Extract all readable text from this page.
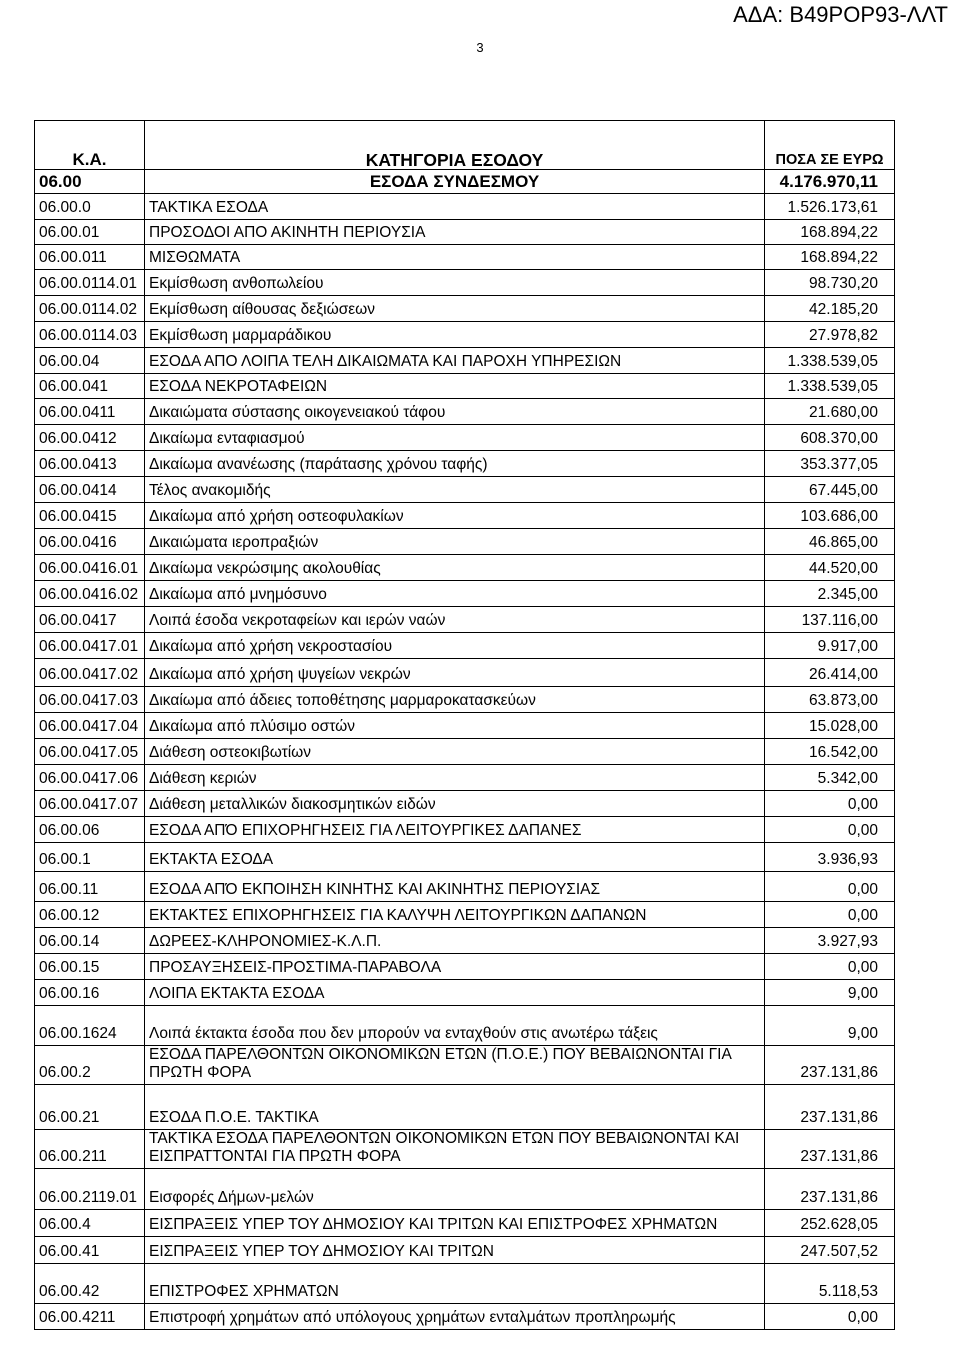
ΑΔΑ: Β49ΡΟΡ93-ΛΛΤ
3
Κ.Α.	ΚΑΤΗΓΟΡΙΑ ΕΣΟΔΟΥ	ΠΟΣΑ ΣΕ ΕΥΡΩ
06.00	ΕΣΟΔΑ ΣΥΝΔΕΣΜΟΥ	4.176.970,11
06.00.0	ΤΑΚΤΙΚΑ ΕΣΟΔΑ	1.526.173,61
06.00.01	ΠΡΟΣΟΔΟΙ ΑΠΟ ΑΚΙΝΗΤΗ ΠΕΡΙΟΥΣΙΑ	168.894,22
06.00.011	ΜΙΣΘΩΜΑΤΑ	168.894,22
06.00.0114.01	Εκμίσθωση ανθοπωλείου	98.730,20
06.00.0114.02	Εκμίσθωση αίθουσας δεξιώσεων	42.185,20
06.00.0114.03	Εκμίσθωση μαρμαράδικου	27.978,82
06.00.04	ΕΣΟΔΑ ΑΠΟ ΛΟΙΠΑ ΤΕΛΗ ΔΙΚΑΙΩΜΑΤΑ ΚΑΙ ΠΑΡΟΧΗ ΥΠΗΡΕΣΙΩΝ	1.338.539,05
06.00.041	ΕΣΟΔΑ ΝΕΚΡΟΤΑΦΕΙΩΝ	1.338.539,05
06.00.0411	Δικαιώματα σύστασης οικογενειακού τάφου	21.680,00
06.00.0412	Δικαίωμα ενταφιασμού	608.370,00
06.00.0413	Δικαίωμα ανανέωσης (παράτασης χρόνου ταφής)	353.377,05
06.00.0414	Τέλος ανακομιδής	67.445,00
06.00.0415	Δικαίωμα από χρήση οστεοφυλακίων	103.686,00
06.00.0416	Δικαιώματα ιεροπραξιών	46.865,00
06.00.0416.01	Δικαίωμα νεκρώσιμης ακολουθίας	44.520,00
06.00.0416.02	Δικαίωμα από μνημόσυνο	2.345,00
06.00.0417	Λοιπά έσοδα νεκροταφείων και ιερών ναών	137.116,00
06.00.0417.01	Δικαίωμα από χρήση νεκροστασίου	9.917,00
06.00.0417.02	Δικαίωμα από χρήση ψυγείων νεκρών	26.414,00
06.00.0417.03	Δικαίωμα από άδειες τοποθέτησης μαρμαροκατασκεύων	63.873,00
06.00.0417.04	Δικαίωμα από πλύσιμο οστών	15.028,00
06.00.0417.05	Διάθεση οστεοκιβωτίων	16.542,00
06.00.0417.06	Διάθεση κεριών	5.342,00
06.00.0417.07	Διάθεση μεταλλικών διακοσμητικών ειδών	0,00
06.00.06	ΕΣΟΔΑ ΑΠΌ ΕΠΙΧΟΡΗΓΗΣΕΙΣ ΓΙΑ ΛΕΙΤΟΥΡΓΙΚΕΣ ΔΑΠΑΝΕΣ	0,00
06.00.1	ΕΚΤΑΚΤΑ ΕΣΟΔΑ	3.936,93
06.00.11	ΕΣΟΔΑ ΑΠΌ ΕΚΠΟΙΗΣΗ ΚΙΝΗΤΗΣ ΚΑΙ ΑΚΙΝΗΤΗΣ ΠΕΡΙΟΥΣΙΑΣ	0,00
06.00.12	ΕΚΤΑΚΤΕΣ ΕΠΙΧΟΡΗΓΗΣΕΙΣ ΓΙΑ ΚΑΛΥΨΗ ΛΕΙΤΟΥΡΓΙΚΩΝ ΔΑΠΑΝΩΝ	0,00
06.00.14	ΔΩΡΕΕΣ-ΚΛΗΡΟΝΟΜΙΕΣ-Κ.Λ.Π.	3.927,93
06.00.15	ΠΡΟΣΑΥΞΗΣΕΙΣ-ΠΡΟΣΤΙΜΑ-ΠΑΡΑΒΟΛΑ	0,00
06.00.16	ΛΟΙΠΑ ΕΚΤΑΚΤΑ ΕΣΟΔΑ	9,00
06.00.1624	Λοιπά έκτακτα έσοδα που δεν μπορούν να ενταχθούν στις ανωτέρω τάξεις	9,00
06.00.2	ΕΣΟΔΑ ΠΑΡΕΛΘΟΝΤΩΝ ΟΙΚΟΝΟΜΙΚΩΝ ΕΤΩΝ (Π.Ο.Ε.) ΠΟΥ ΒΕΒΑΙΩΝΟΝΤΑΙ ΓΙΑ ΠΡΩΤΗ ΦΟΡΑ	237.131,86
06.00.21	ΕΣΟΔΑ Π.Ο.Ε. ΤΑΚΤΙΚΑ	237.131,86
06.00.211	ΤΑΚΤΙΚΑ ΕΣΟΔΑ ΠΑΡΕΛΘΟΝΤΩΝ ΟΙΚΟΝΟΜΙΚΩΝ ΕΤΩΝ ΠΟΥ ΒΕΒΑΙΩΝΟΝΤΑΙ ΚΑΙ ΕΙΣΠΡΑΤΤΟΝΤΑΙ ΓΙΑ ΠΡΩΤΗ ΦΟΡΑ	237.131,86
06.00.2119.01	Εισφορές Δήμων-μελών	237.131,86
06.00.4	ΕΙΣΠΡΑΞΕΙΣ ΥΠΕΡ ΤΟΥ ΔΗΜΟΣΙΟΥ ΚΑΙ ΤΡΙΤΩΝ ΚΑΙ ΕΠΙΣΤΡΟΦΕΣ ΧΡΗΜΑΤΩΝ	252.628,05
06.00.41	ΕΙΣΠΡΑΞΕΙΣ ΥΠΕΡ ΤΟΥ ΔΗΜΟΣΙΟΥ ΚΑΙ ΤΡΙΤΩΝ	247.507,52
06.00.42	ΕΠΙΣΤΡΟΦΕΣ ΧΡΗΜΑΤΩΝ	5.118,53
06.00.4211	Επιστροφή χρημάτων από υπόλογους χρημάτων ενταλμάτων προπληρωμής	0,00
